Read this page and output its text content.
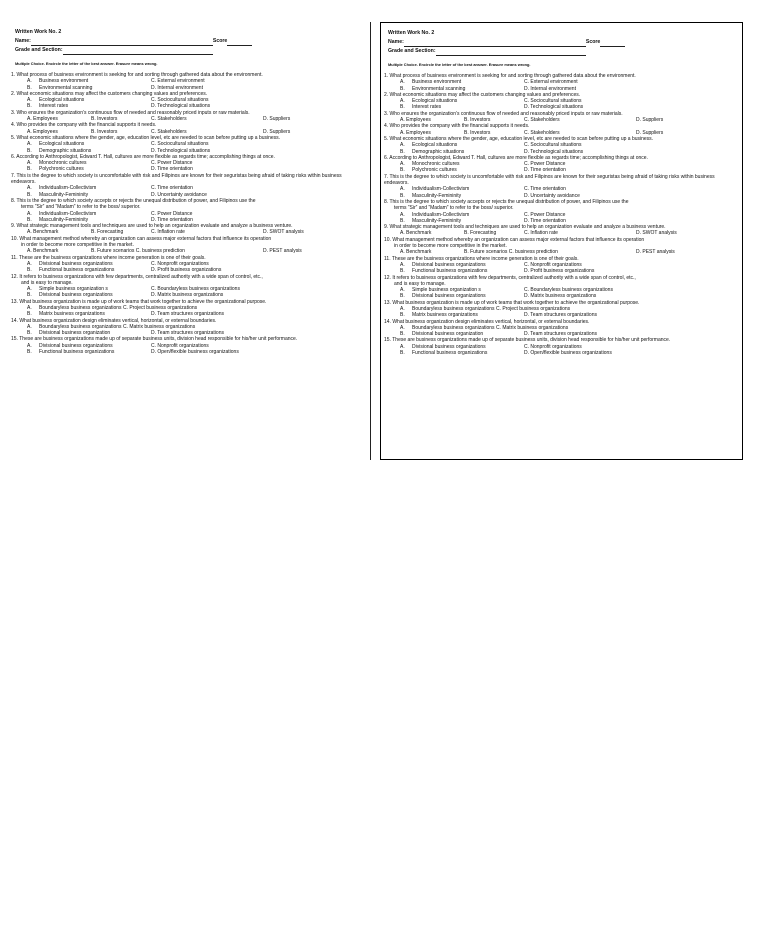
Written Work No. 2
Name:	Score
Grade and Section:
Multiple Choice. Encircle the letter of the best answer. Erasure means wrong.
1. What process of business environment is seeking for and sorting through gathered data about the environment.
A. Business environment	C. External environment
B. Environmental scanning	D. Internal environment
2. What economic situations may affect the customers changing values and preferences.
A. Ecological situations	C. Sociocultural situations
B. Interest rates	D. Technological situations
3. Who ensures the organization’s continuous flow of needed and reasonably priced inputs or raw materials.
A. Employees	B. Investors	C. Stakeholders	D. Suppliers
4. Who provides the company with the financial supports it needs.
A. Employees	B. Investors	C. Stakeholders	D. Suppliers
5. What economic situations where the gender, age, education level, etc are needed to scan before putting up a business.
A. Ecological situations	C. Sociocultural situations
B. Demographic situations	D. Technological situations
6. According to Anthropologist, Edward T. Hall, cultures are more flexible as regards time; accomplishing things at once.
A. Monochronic cultures	C. Power Distance
B. Polychronic cultures	D. Time orientation
7. This is the degree to which society is uncomfortable with risk and Filipinos are known for their seguristas being afraid of taking risks within business endeavors.
A. Individualism-Collectivism	C. Time orientation
B. Masculinity-Femininity	D. Uncertainty avoidance
8. This is the degree to which society accepts or rejects the unequal distribution of power, and Filipinos use the
terms “Sir” and “Madam” to refer to the boss/ superior.
A. Individualism-Collectivism	C. Power Distance
B. Masculinity-Femininity	D. Time orientation
9. What strategic management tools and techniques are used to help an organization evaluate and analyze a business venture.
A. Benchmark	B. Forecasting	C. Inflation rate	D. SWOT analysis
10. What management method whereby an organization can assess major external factors that influence its operation
in order to become more competitive in the market.
A. Benchmark	B. Future scenarios C. business prediction	D. PEST analysis
11. These are the business organizations where income generation is one of their goals.
A. Divisional business organizations	C. Nonprofit organizations
B. Functional business organizations	D. Profit business organizations
12. It refers to business organizations with few departments, centralized authority with a wide span of control, etc.,
and is easy to manage.
A. Simple business organization s	C. Boundaryless business organizations
B. Divisional business organizations	D. Matrix business organizations
13. What business organization is made up of work teams that work together to achieve the organizational purpose.
A. Boundaryless business organizations C. Project business organizations
B. Matrix business organizations	D. Team structures organizations
14. What business organization design eliminates vertical, horizontal, or external boundaries.
A. Boundaryless business organizations C. Matrix business organizations
B. Divisional business organization	D. Team structures organizations
15. These are business organizations made up of separate business units, division head responsible for his/her unit performance.
A. Divisional business organizations	C. Nonprofit organizations
B. Functional business organizations	D. Open/flexible business organizations
Written Work No. 2
Name:	Score
Grade and Section:
Multiple Choice. Encircle the letter of the best answer. Erasure means wrong.
1. What process of business environment is seeking for and sorting through gathered data about the environment.
A. Business environment	C. External environment
B. Environmental scanning	D. Internal environment
2. What economic situations may affect the customers changing values and preferences.
A. Ecological situations	C. Sociocultural situations
B. Interest rates	D. Technological situations
3. Who ensures the organization’s continuous flow of needed and reasonably priced inputs or raw materials.
A. Employees	B. Investors	C. Stakeholders	D. Suppliers
4. Who provides the company with the financial supports it needs.
A. Employees	B. Investors	C. Stakeholders	D. Suppliers
5. What economic situations where the gender, age, education level, etc are needed to scan before putting up a business.
A. Ecological situations	C. Sociocultural situations
B. Demographic situations	D. Technological situations
6. According to Anthropologist, Edward T. Hall, cultures are more flexible as regards time; accomplishing things at once.
A. Monochronic cultures	C. Power Distance
B. Polychronic cultures	D. Time orientation
7. This is the degree to which society is uncomfortable with risk and Filipinos are known for their seguristas being afraid of taking risks within business endeavors.
A. Individualism-Collectivism	C. Time orientation
B. Masculinity-Femininity	D. Uncertainty avoidance
8. This is the degree to which society accepts or rejects the unequal distribution of power, and Filipinos use the
terms “Sir” and “Madam” to refer to the boss/ superior.
A. Individualism-Collectivism	C. Power Distance
B. Masculinity-Femininity	D. Time orientation
9. What strategic management tools and techniques are used to help an organization evaluate and analyze a business venture.
A. Benchmark	B. Forecasting	C. Inflation rate	D. SWOT analysis
10. What management method whereby an organization can assess major external factors that influence its operation
in order to become more competitive in the market.
A. Benchmark	B. Future scenarios C. business prediction	D. PEST analysis
11. These are the business organizations where income generation is one of their goals.
A. Divisional business organizations	C. Nonprofit organizations
B. Functional business organizations	D. Profit business organizations
12. It refers to business organizations with few departments, centralized authority with a wide span of control, etc.,
and is easy to manage.
A. Simple business organization s	C. Boundaryless business organizations
B. Divisional business organizations	D. Matrix business organizations
13. What business organization is made up of work teams that work together to achieve the organizational purpose.
A. Boundaryless business organizations C. Project business organizations
B. Matrix business organizations	D. Team structures organizations
14. What business organization design eliminates vertical, horizontal, or external boundaries.
A. Boundaryless business organizations C. Matrix business organizations
B. Divisional business organization	D. Team structures organizations
15. These are business organizations made up of separate business units, division head responsible for his/her unit performance.
A. Divisional business organizations	C. Nonprofit organizations
B. Functional business organizations	D. Open/flexible business organizations
